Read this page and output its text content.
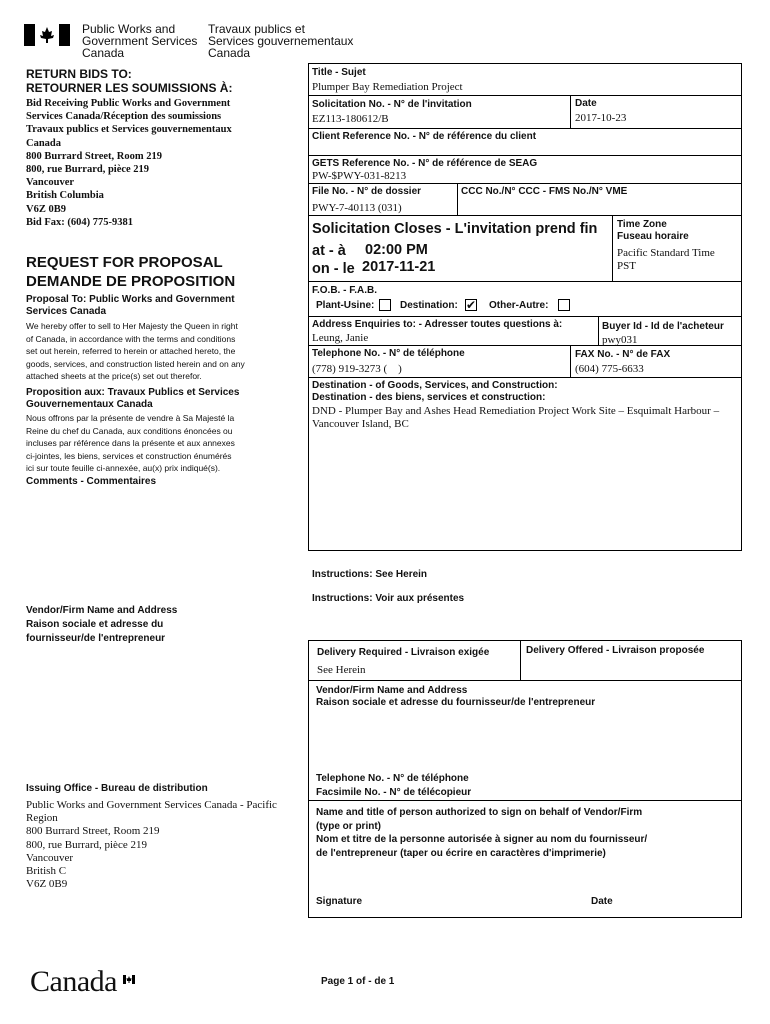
Public Works and
Government Services
Canada
Travaux publics et
Services gouvernementaux
Canada
RETURN BIDS TO:
RETOURNER LES SOUMISSIONS À:
Bid Receiving Public Works and Government
Services Canada/Réception des soumissions
Travaux publics et Services gouvernementaux
Canada
800 Burrard Street, Room 219
800, rue Burrard, pièce 219
Vancouver
British Columbia
V6Z 0B9
Bid Fax: (604) 775-9381
REQUEST FOR PROPOSAL
DEMANDE DE PROPOSITION
Proposal To: Public Works and Government Services Canada
We hereby offer to sell to Her Majesty the Queen in right
of Canada, in accordance with the terms and conditions
set out herein, referred to herein or attached hereto, the
goods, services, and construction listed herein and on any
attached sheets at the price(s) set out therefor.
Proposition aux: Travaux Publics et Services Gouvernementaux Canada
Nous offrons par la présente de vendre à Sa Majesté la
Reine du chef du Canada, aux conditions énoncées ou
incluses par référence dans la présente et aux annexes
ci-jointes, les biens, services et construction énumérés
ici sur toute feuille ci-annexée, au(x) prix indiqué(s).
Comments - Commentaires
Vendor/Firm Name and Address
Raison sociale et adresse du
fournisseur/de l'entrepreneur
Issuing Office - Bureau de distribution
Public Works and Government Services Canada - Pacific
Region
800 Burrard Street, Room 219
800, rue Burrard, pièce 219
Vancouver
British C
V6Z 0B9
Title - Sujet
Plumper Bay Remediation Project
Solicitation No. - N° de l'invitation
EZ113-180612/B
Date
2017-10-23
Client Reference No. - N° de référence du client
GETS Reference No. - N° de référence de SEAG
PW-$PWY-031-8213
File No. - N° de dossier
PWY-7-40113 (031)
CCC No./N° CCC - FMS No./N° VME
Solicitation Closes - L'invitation prend fin
at - à 02:00 PM
on - le 2017-11-21
Time Zone
Fuseau horaire
Pacific Standard Time
PST
F.O.B. - F.A.B.
Plant-Usine:	Destination: ✔ Other-Autre:
Address Enquiries to: - Adresser toutes questions à:
Leung, Janie
Buyer Id - Id de l'acheteur
pwy031
Telephone No. - N° de téléphone
(778) 919-3273 (    )
FAX No. - N° de FAX
(604) 775-6633
Destination - of Goods, Services, and Construction:
Destination - des biens, services et construction:
DND - Plumper Bay and Ashes Head Remediation Project Work Site – Esquimalt Harbour –
Vancouver Island, BC
Instructions: See Herein
Instructions: Voir aux présentes
Delivery Required - Livraison exigée
See Herein
Delivery Offered - Livraison proposée
Vendor/Firm Name and Address
Raison sociale et adresse du fournisseur/de l'entrepreneur
Telephone No. - N° de téléphone
Facsimile No. - N° de télécopieur
Name and title of person authorized to sign on behalf of Vendor/Firm
(type or print)
Nom et titre de la personne autorisée à signer au nom du fournisseur/
de l'entrepreneur (taper ou écrire en caractères d'imprimerie)
Signature	Date
Canada	Page 1 of - de 1
